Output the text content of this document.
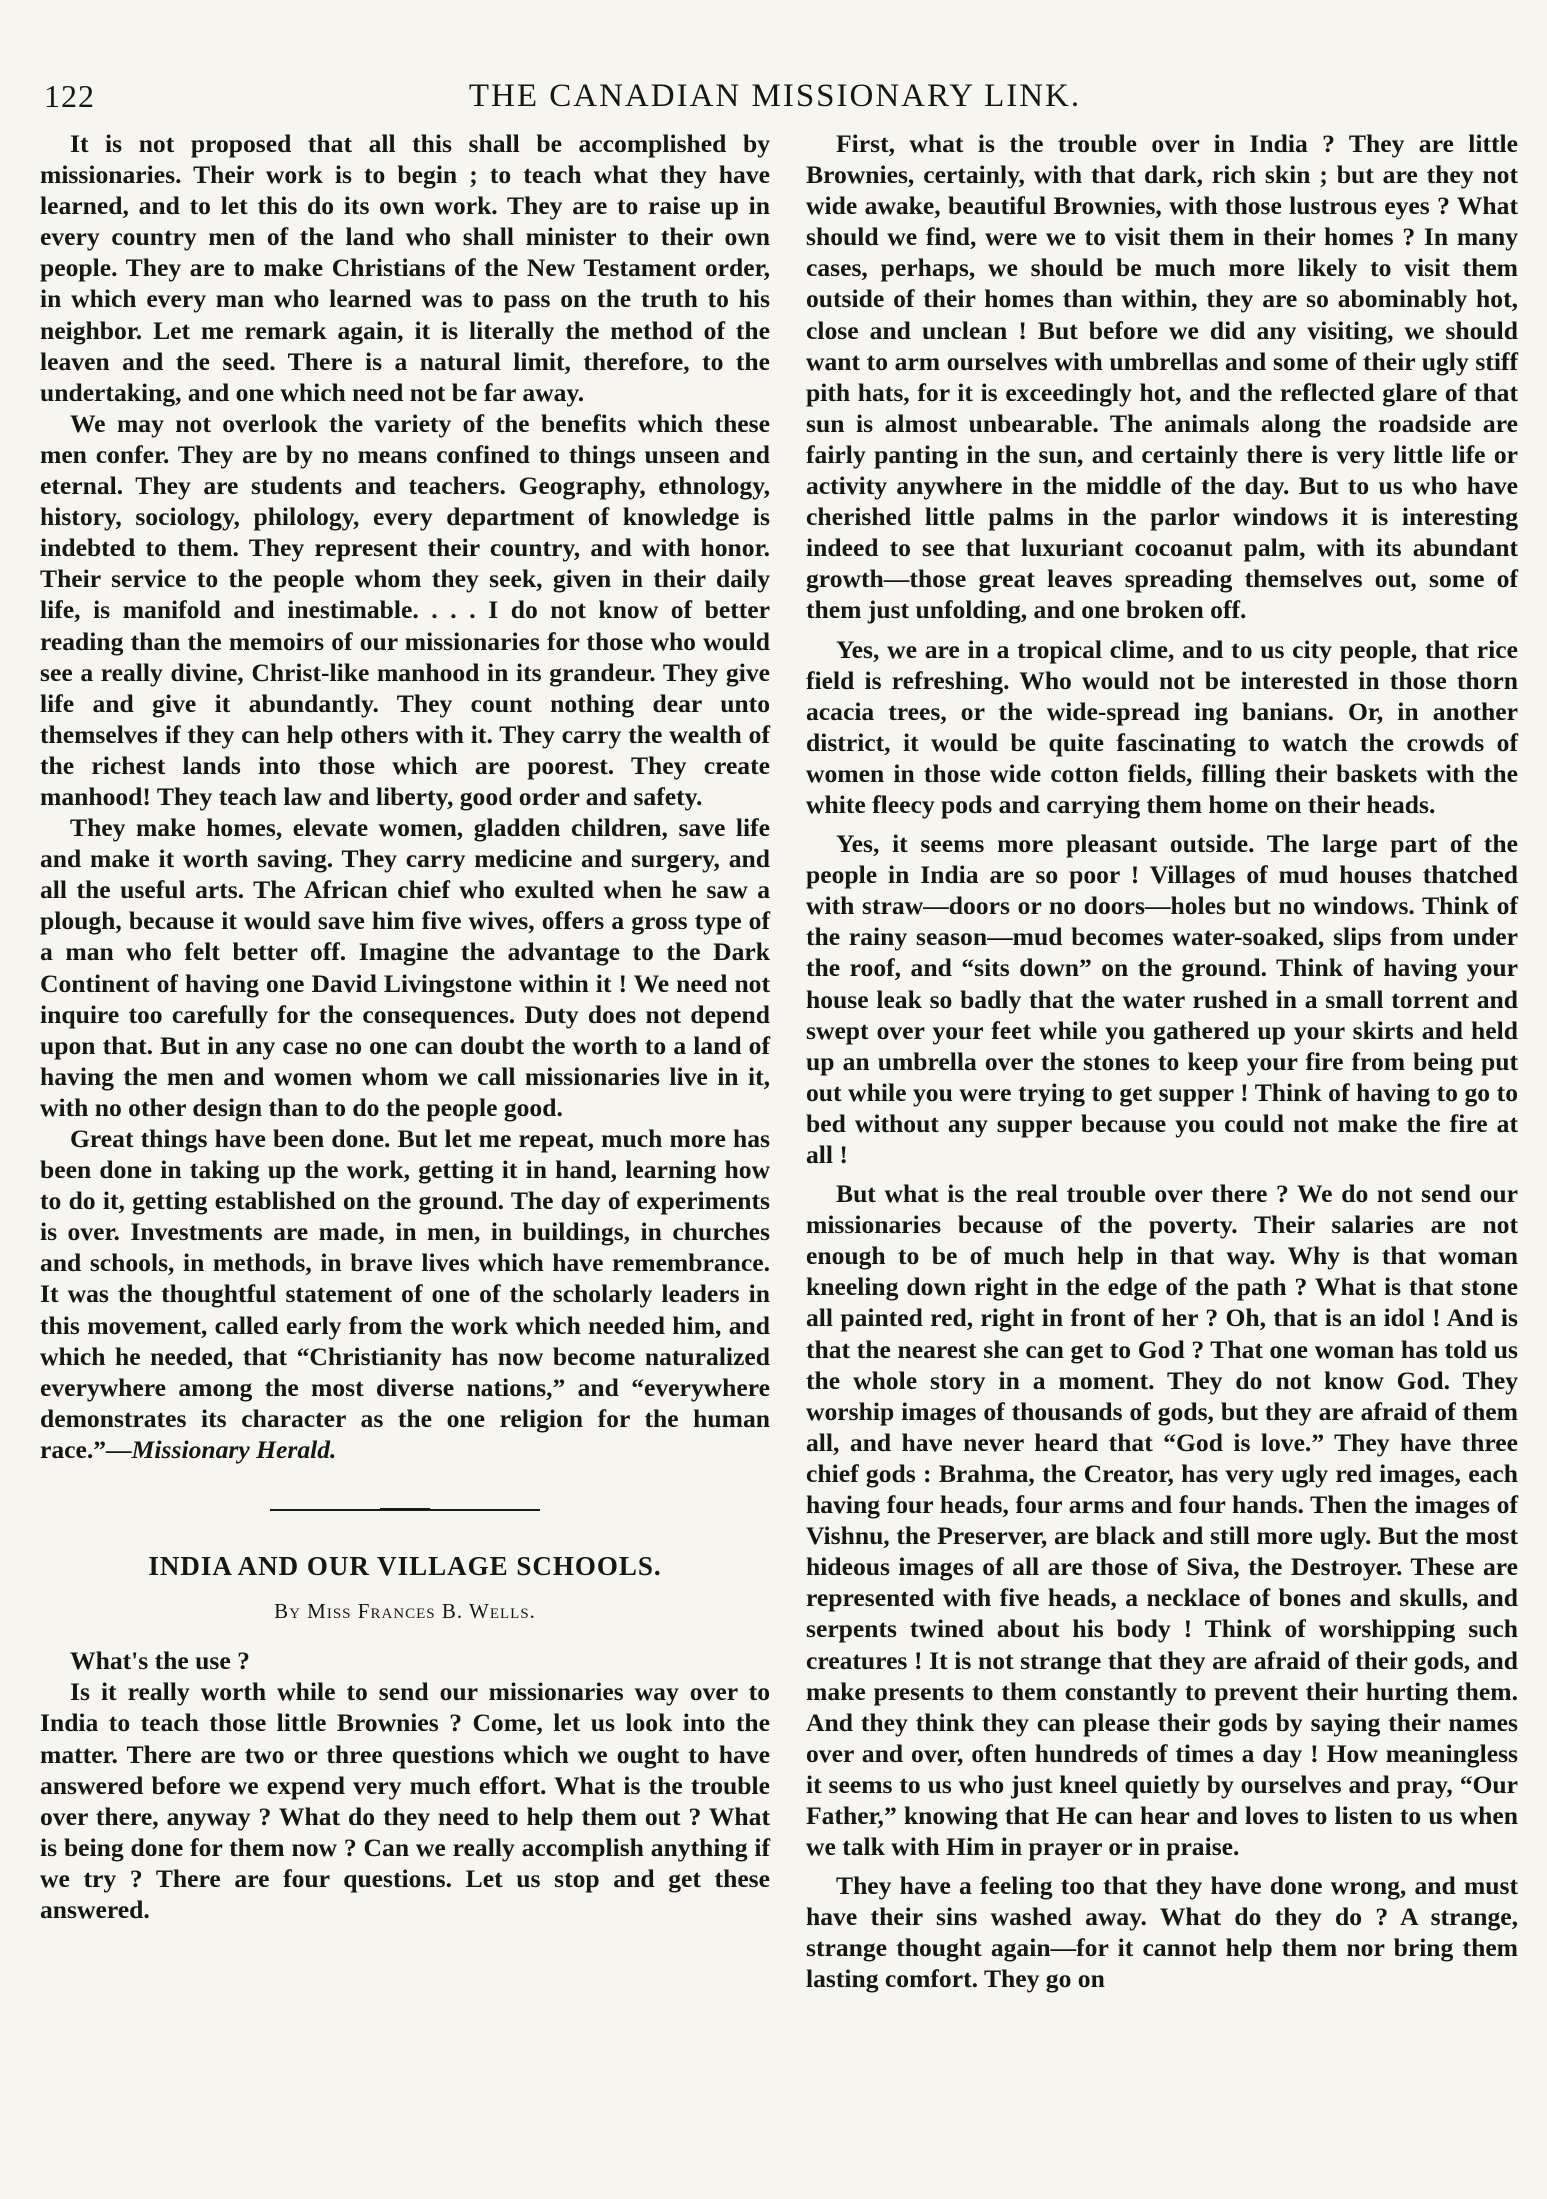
122	THE CANADIAN MISSIONARY LINK.

It is not proposed that all this shall be accomplished by missionaries. Their work is to begin ; to teach what they have learned, and to let this do its own work. They are to raise up in every country men of the land who shall minister to their own people. They are to make Christians of the New Testament order, in which every man who learned was to pass on the truth to his neighbor. Let me remark again, it is literally the method of the leaven and the seed. There is a natural limit, therefore, to the undertaking, and one which need not be far away.

We may not overlook the variety of the benefits which these men confer. They are by no means confined to things unseen and eternal. They are students and teachers. Geography, ethnology, history, sociology, philology, every department of knowledge is indebted to them. They represent their country, and with honor. Their service to the people whom they seek, given in their daily life, is manifold and inestimable. . . . I do not know of better reading than the memoirs of our missionaries for those who would see a really divine, Christ-like manhood in its grandeur. They give life and give it abundantly. They count nothing dear unto themselves if they can help others with it. They carry the wealth of the richest lands into those which are poorest. They create manhood! They teach law and liberty, good order and safety.

They make homes, elevate women, gladden children, save life and make it worth saving. They carry medicine and surgery, and all the useful arts. The African chief who exulted when he saw a plough, because it would save him five wives, offers a gross type of a man who felt better off. Imagine the advantage to the Dark Continent of having one David Livingstone within it ! We need not inquire too carefully for the consequences. Duty does not depend upon that. But in any case no one can doubt the worth to a land of having the men and women whom we call missionaries live in it, with no other design than to do the people good.

Great things have been done. But let me repeat, much more has been done in taking up the work, getting it in hand, learning how to do it, getting established on the ground. The day of experiments is over. Investments are made, in men, in buildings, in churches and schools, in methods, in brave lives which have remembrance. It was the thoughtful statement of one of the scholarly leaders in this movement, called early from the work which needed him, and which he needed, that “Christianity has now become naturalized everywhere among the most diverse nations,” and “everywhere demonstrates its character as the one religion for the human race.”—Missionary Herald.

INDIA AND OUR VILLAGE SCHOOLS.
By Miss Frances B. Wells.

What's the use ?

Is it really worth while to send our missionaries way over to India to teach those little Brownies ? Come, let us look into the matter. There are two or three questions which we ought to have answered before we expend very much effort. What is the trouble over there, anyway ? What do they need to help them out ? What is being done for them now ? Can we really accomplish anything if we try ? There are four questions. Let us stop and get these answered.

First, what is the trouble over in India ? They are little Brownies, certainly, with that dark, rich skin ; but are they not wide awake, beautiful Brownies, with those lustrous eyes ? What should we find, were we to visit them in their homes ? In many cases, perhaps, we should be much more likely to visit them outside of their homes than within, they are so abominably hot, close and unclean ! But before we did any visiting, we should want to arm ourselves with umbrellas and some of their ugly stiff pith hats, for it is exceedingly hot, and the reflected glare of that sun is almost unbearable. The animals along the roadside are fairly panting in the sun, and certainly there is very little life or activity anywhere in the middle of the day. But to us who have cherished little palms in the parlor windows it is interesting indeed to see that luxuriant cocoanut palm, with its abundant growth—those great leaves spreading themselves out, some of them just unfolding, and one broken off.

Yes, we are in a tropical clime, and to us city people, that rice field is refreshing. Who would not be interested in those thorn acacia trees, or the wide-spread ing banians. Or, in another district, it would be quite fascinating to watch the crowds of women in those wide cotton fields, filling their baskets with the white fleecy pods and carrying them home on their heads.

Yes, it seems more pleasant outside. The large part of the people in India are so poor ! Villages of mud houses thatched with straw—doors or no doors—holes but no windows. Think of the rainy season—mud becomes water-soaked, slips from under the roof, and “sits down” on the ground. Think of having your house leak so badly that the water rushed in a small torrent and swept over your feet while you gathered up your skirts and held up an umbrella over the stones to keep your fire from being put out while you were trying to get supper ! Think of having to go to bed without any supper because you could not make the fire at all !

But what is the real trouble over there ? We do not send our missionaries because of the poverty. Their salaries are not enough to be of much help in that way. Why is that woman kneeling down right in the edge of the path ? What is that stone all painted red, right in front of her ? Oh, that is an idol ! And is that the nearest she can get to God ? That one woman has told us the whole story in a moment. They do not know God. They worship images of thousands of gods, but they are afraid of them all, and have never heard that “God is love.” They have three chief gods : Brahma, the Creator, has very ugly red images, each having four heads, four arms and four hands. Then the images of Vishnu, the Preserver, are black and still more ugly. But the most hideous images of all are those of Siva, the Destroyer. These are represented with five heads, a necklace of bones and skulls, and serpents twined about his body ! Think of worshipping such creatures ! It is not strange that they are afraid of their gods, and make presents to them constantly to prevent their hurting them. And they think they can please their gods by saying their names over and over, often hundreds of times a day ! How meaningless it seems to us who just kneel quietly by ourselves and pray, “Our Father,” knowing that He can hear and loves to listen to us when we talk with Him in prayer or in praise.

They have a feeling too that they have done wrong, and must have their sins washed away. What do they do ? A strange, strange thought again—for it cannot help them nor bring them lasting comfort. They go on
